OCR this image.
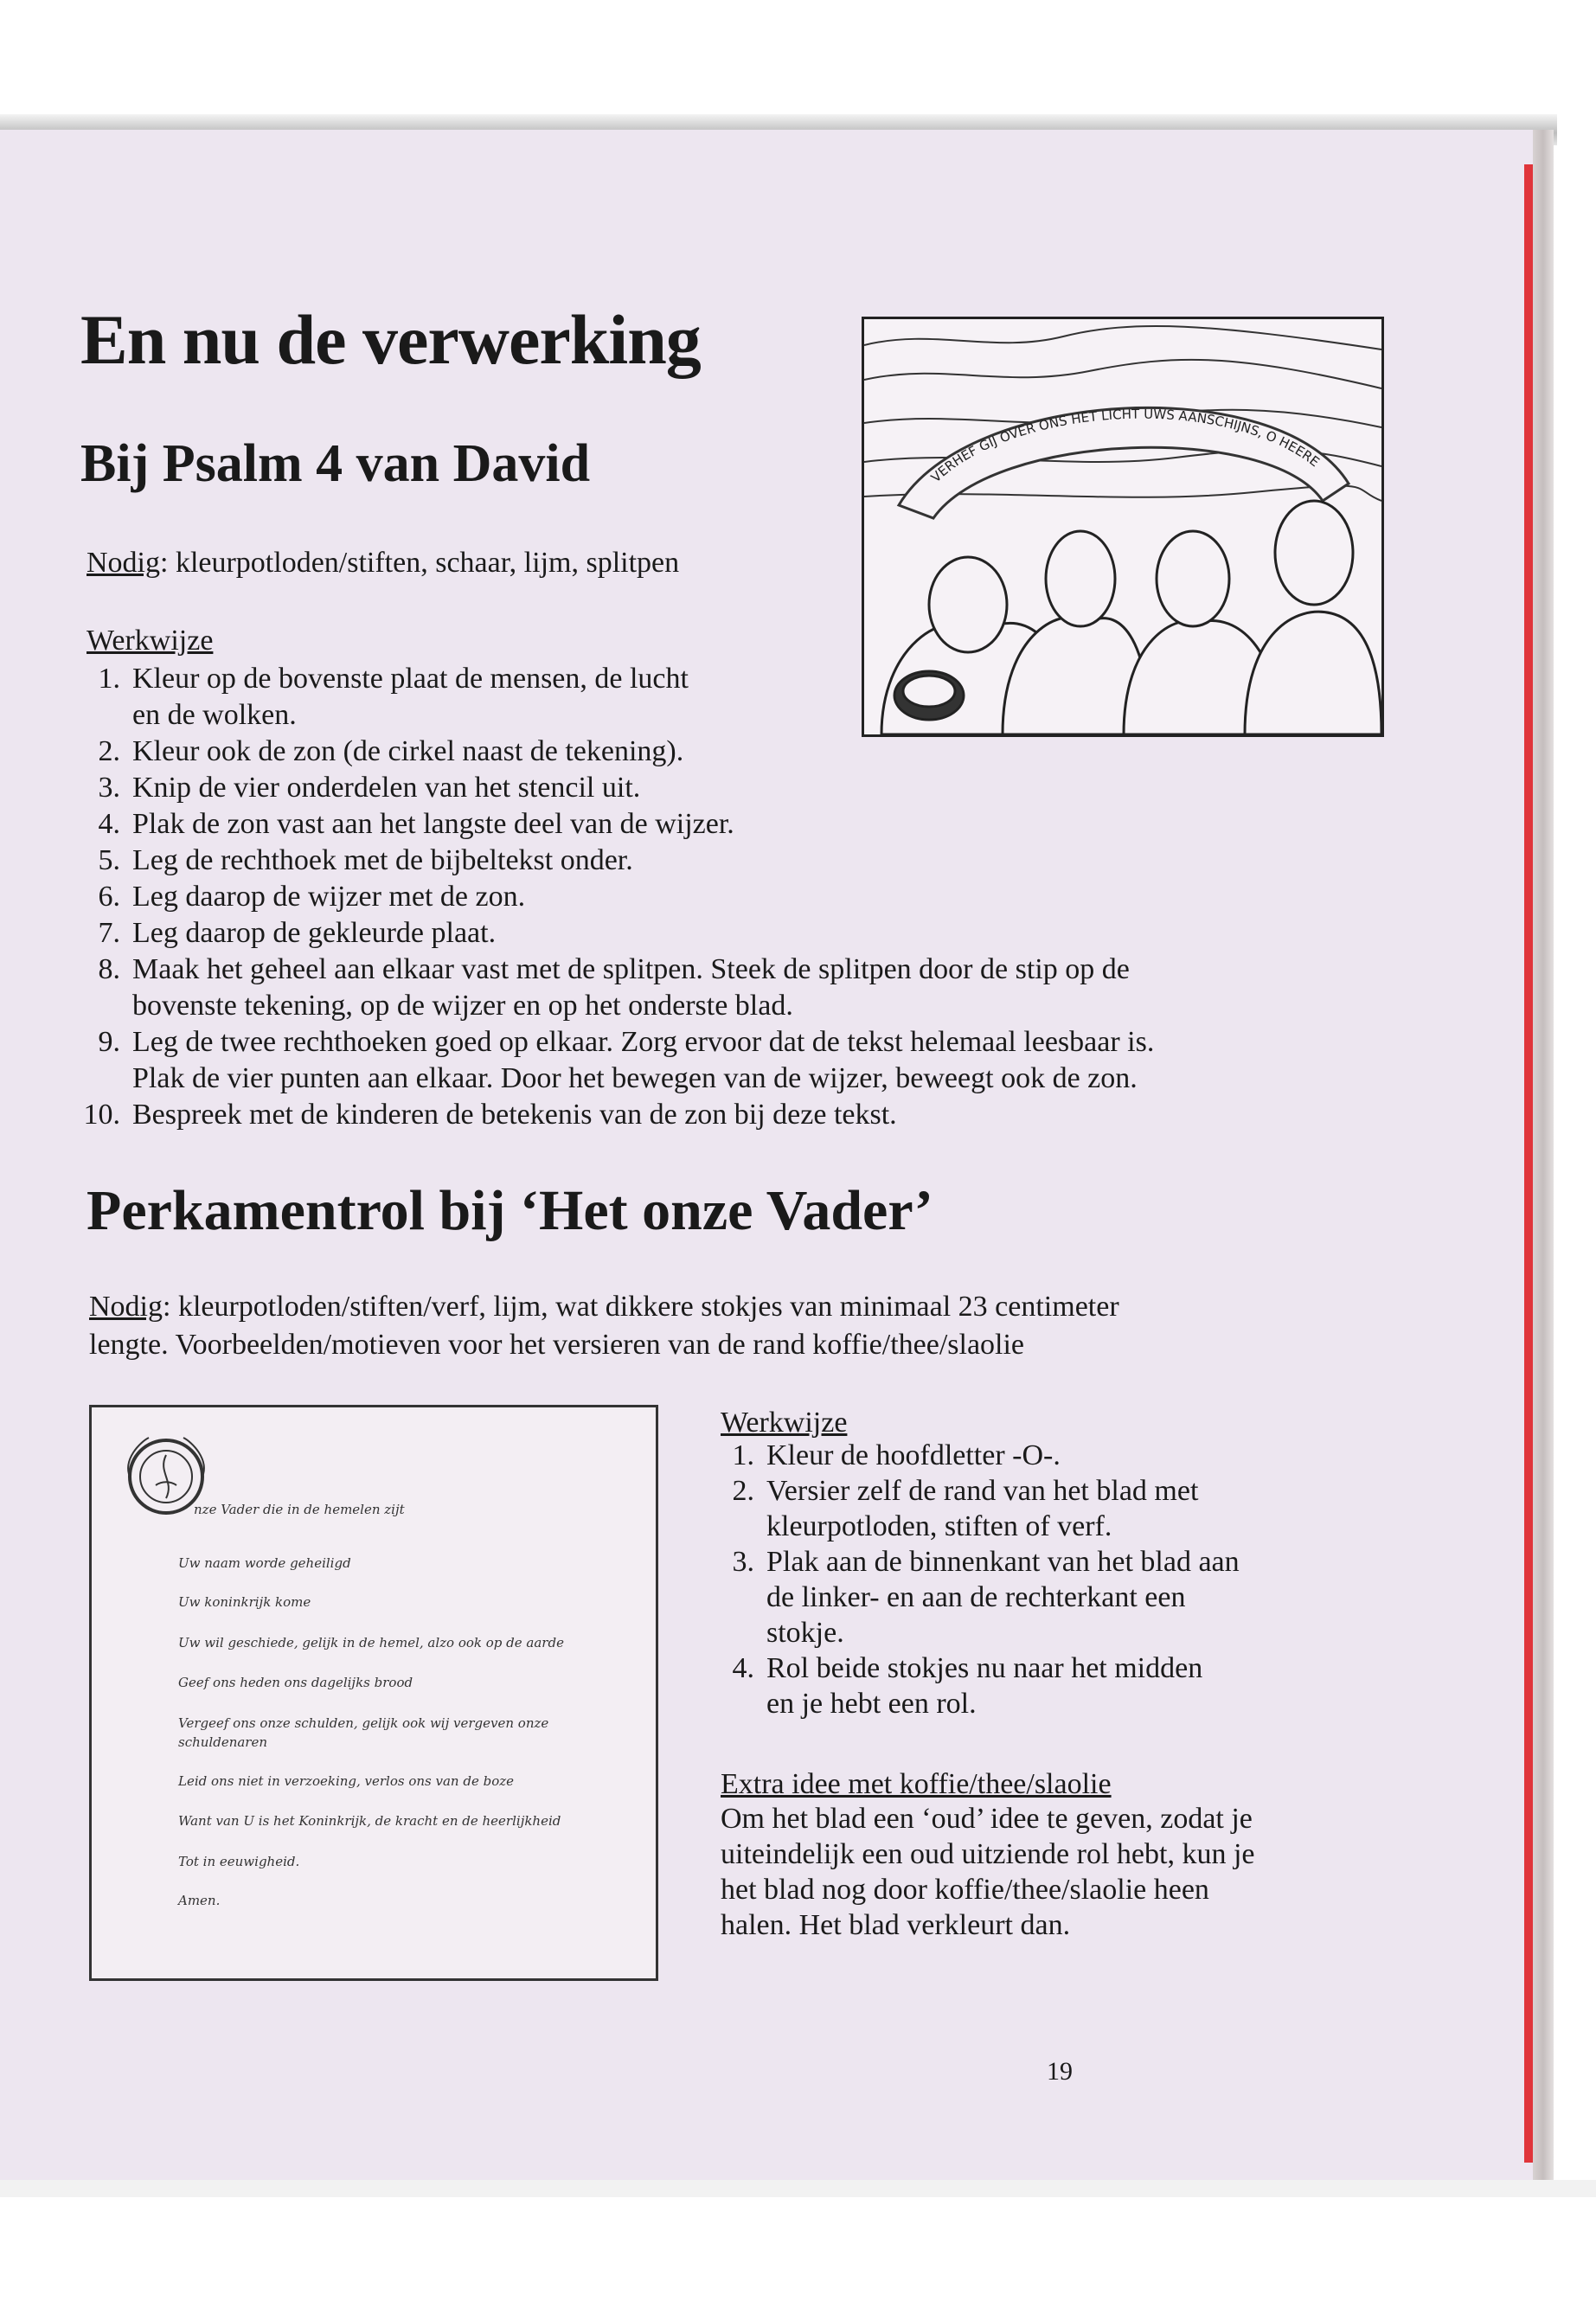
En nu de verwerking
Bij Psalm 4 van David

Nodig: kleurpotloden/stiften, schaar, lijm, splitpen

Werkwijze

1. Kleur op de bovenste plaat de mensen, de lucht
en de wolken.
2. Kleur ook de zon (de cirkel naast de tekening).
3. Knip de vier onderdelen van het stencil uit.
4. Plak de zon vast aan het langste deel van de wijzer.
5. Leg de rechthoek met de bijbeltekst onder.
6. Leg daarop de wijzer met de zon.
7. Leg daarop de gekleurde plaat.
8. Maak het geheel aan elkaar vast met de splitpen. Steek de splitpen door de stip op de
bovenste tekening, op de wijzer en op het onderste blad.
9. Leg de twee rechthoeken goed op elkaar. Zorg ervoor dat de tekst helemaal leesbaar is.
Plak de vier punten aan elkaar. Door het bewegen van de wijzer, beweegt ook de zon.
10. Bespreek met de kinderen de betekenis van de zon bij deze tekst.
VERHEF GIJ OVER ONS HET LICHT UWS AANSCHIJNS, O HEERE
Perkamentrol bij ‘Het onze Vader’

Nodig: kleurpotloden/stiften/verf, lijm, wat dikkere stokjes van minimaal 23 centimeter

lengte. Voorbeelden/motieven voor het versieren van de rand koffie/thee/slaolie

nze Vader die in de hemelen zijt
Uw naam worde geheiligd
Uw koninkrijk kome
Uw wil geschiede, gelijk in de hemel, alzo ook op de aarde
Geef ons heden ons dagelijks brood
Vergeef ons onze schulden, gelijk ook wij vergeven onze
schuldenaren
Leid ons niet in verzoeking, verlos ons van de boze
Want van U is het Koninkrijk, de kracht en de heerlijkheid
Tot in eeuwigheid.
Amen.

Werkwijze

1. Kleur de hoofdletter -O-.
2. Versier zelf de rand van het blad met
kleurpotloden, stiften of verf.
3. Plak aan de binnenkant van het blad aan
de linker- en aan de rechterkant een
stokje.
4. Rol beide stokjes nu naar het midden
en je hebt een rol.

Extra idee met koffie/thee/slaolie

Om het blad een ‘oud’ idee te geven, zodat je

uiteindelijk een oud uitziende rol hebt, kun je

het blad nog door koffie/thee/slaolie heen

halen. Het blad verkleurt dan.

19
